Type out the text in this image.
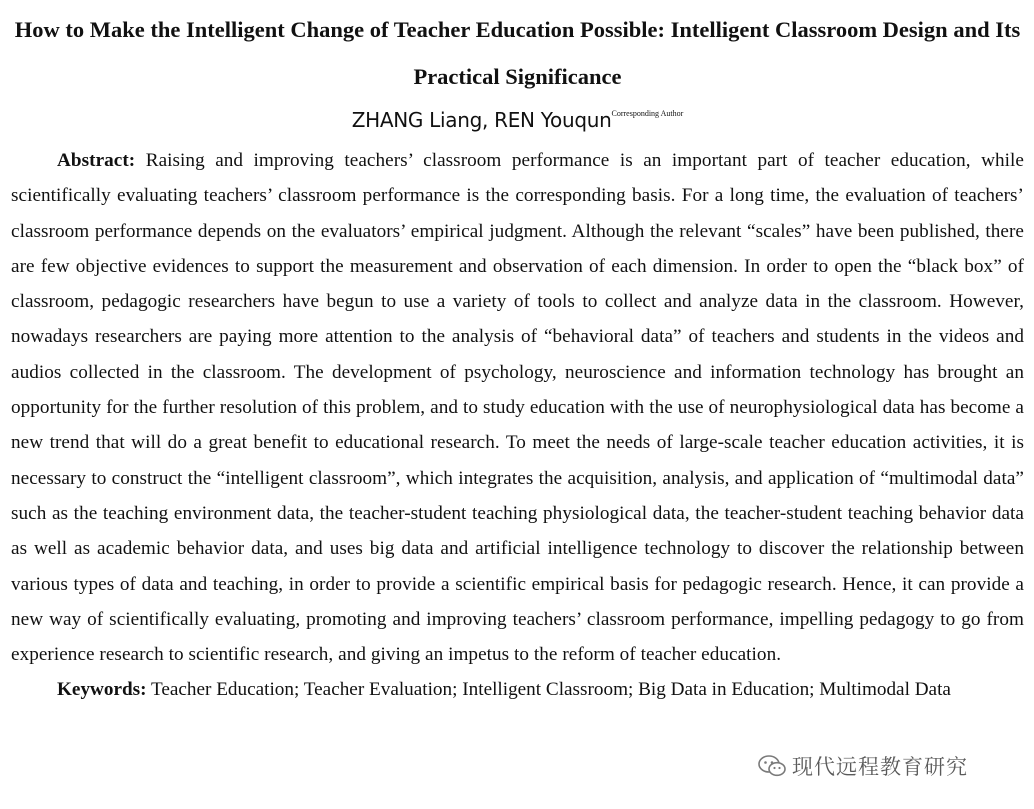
How to Make the Intelligent Change of Teacher Education Possible: Intelligent Classroom Design and Its Practical Significance

ZHANG Liang, REN Youqun$^{Corresponding Author}$

Abstract: Raising and improving teachers’ classroom performance is an important part of teacher education, while scientifically evaluating teachers’ classroom performance is the corresponding basis. For a long time, the evaluation of teachers’ classroom performance depends on the evaluators’ empirical judgment. Although the relevant “scales” have been published, there are few objective evidences to support the measurement and observation of each dimension. In order to open the “black box” of classroom, pedagogic researchers have begun to use a variety of tools to collect and analyze data in the classroom. However, nowadays researchers are paying more attention to the analysis of “behavioral data” of teachers and students in the videos and audios collected in the classroom. The development of psychology, neuroscience and information technology has brought an opportunity for the further resolution of this problem, and to study education with the use of neurophysiological data has become a new trend that will do a great benefit to educational research. To meet the needs of large-scale teacher education activities, it is necessary to construct the “intelligent classroom”, which integrates the acquisition, analysis, and application of “multimodal data” such as the teaching environment data, the teacher-student teaching physiological data, the teacher-student teaching behavior data as well as academic behavior data, and uses big data and artificial intelligence technology to discover the relationship between various types of data and teaching, in order to provide a scientific empirical basis for pedagogic research. Hence, it can provide a new way of scientifically evaluating, promoting and improving teachers’ classroom performance, impelling pedagogy to go from experience research to scientific research, and giving an impetus to the reform of teacher education.

Keywords: Teacher Education; Teacher Evaluation; Intelligent Classroom; Big Data in Education; Multimodal Data

现代远程教育研究
